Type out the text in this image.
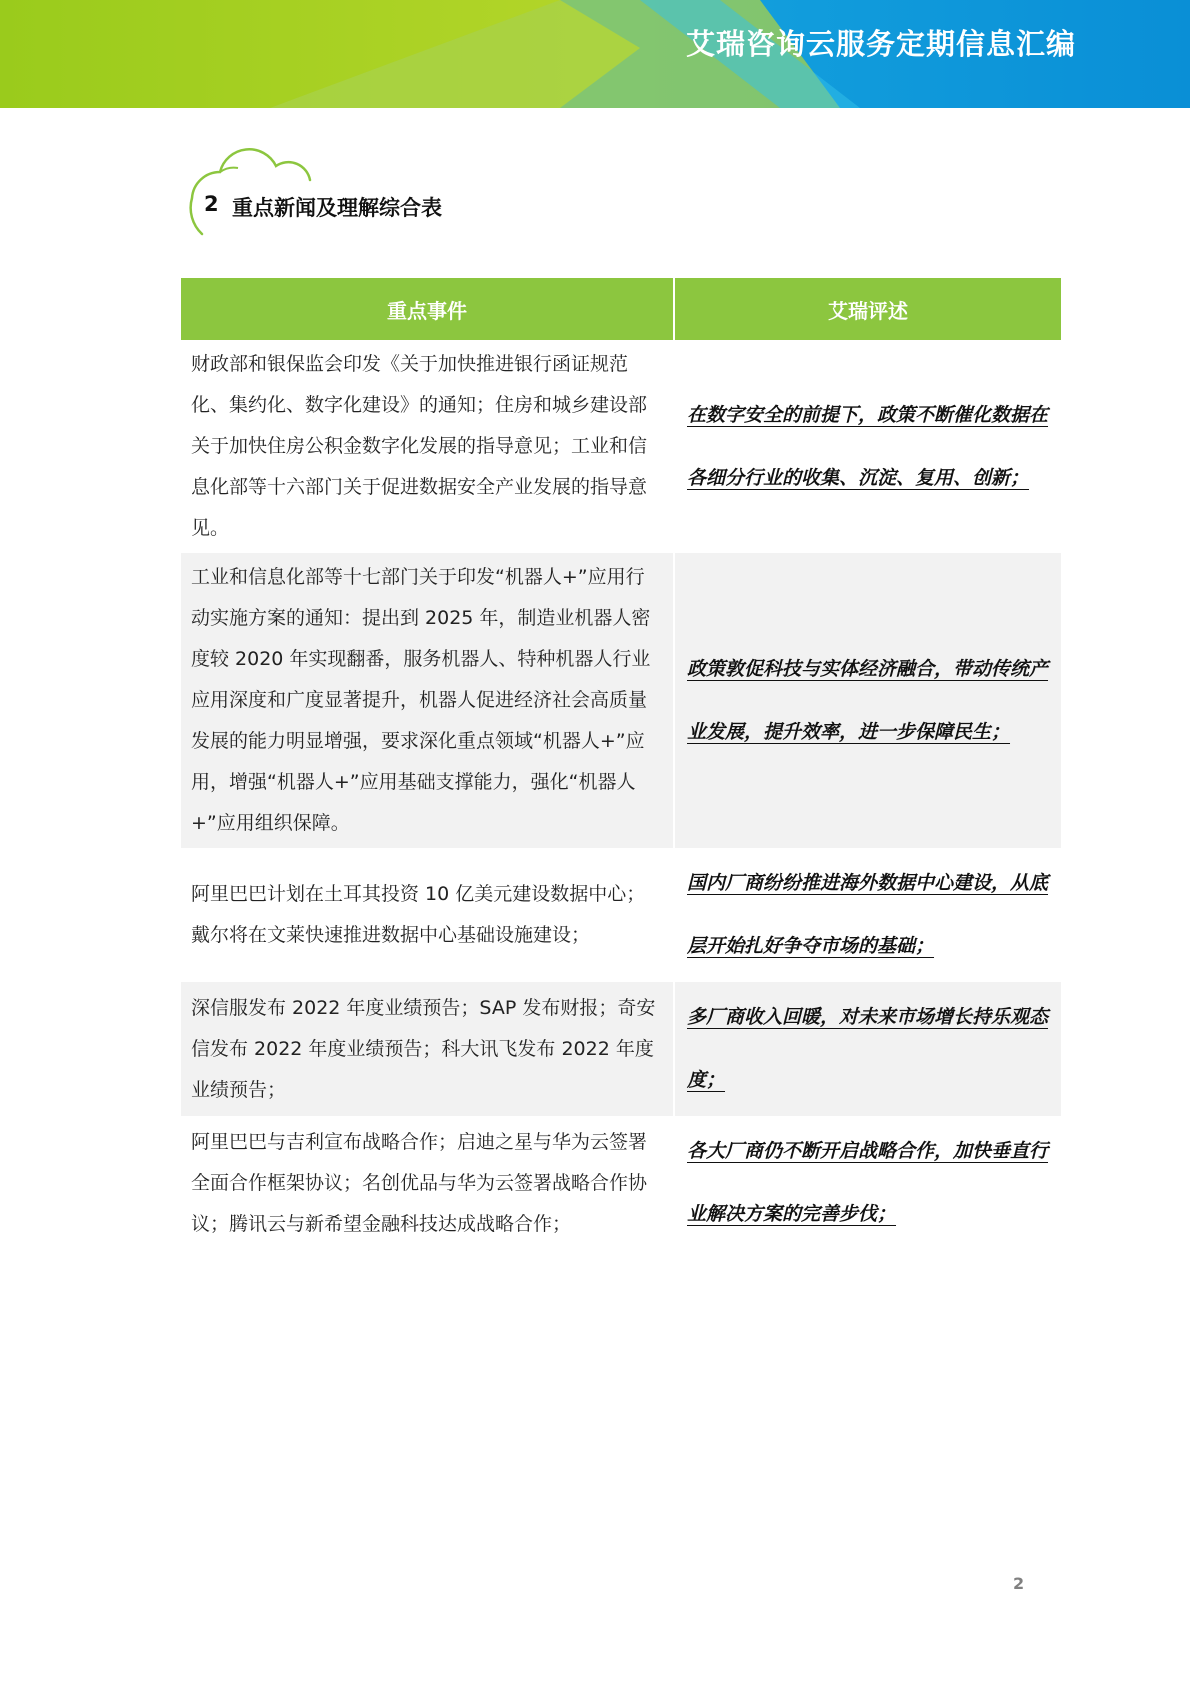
艾瑞咨询云服务定期信息汇编
2 重点新闻及理解综合表
重点事件	艾瑞评述
财政部和银保监会印发《关于加快推进银行函证规范化、集约化、数字化建设》的通知；住房和城乡建设部关于加快住房公积金数字化发展的指导意见；工业和信息化部等十六部门关于促进数据安全产业发展的指导意见。	在数字安全的前提下，政策不断催化数据在各细分行业的收集、沉淀、复用、创新；
工业和信息化部等十七部门关于印发“机器人+”应用行动实施方案的通知：提出到 2025 年，制造业机器人密度较 2020 年实现翻番，服务机器人、特种机器人行业应用深度和广度显著提升，机器人促进经济社会高质量发展的能力明显增强，要求深化重点领域“机器人+”应用，增强“机器人+”应用基础支撑能力，强化“机器人+”应用组织保障。	政策敦促科技与实体经济融合，带动传统产业发展，提升效率，进一步保障民生；
阿里巴巴计划在土耳其投资 10 亿美元建设数据中心；戴尔将在文莱快速推进数据中心基础设施建设；	国内厂商纷纷推进海外数据中心建设，从底层开始扎好争夺市场的基础；
深信服发布 2022 年度业绩预告；SAP 发布财报；奇安信发布 2022 年度业绩预告；科大讯飞发布 2022 年度业绩预告；	多厂商收入回暖，对未来市场增长持乐观态度；
阿里巴巴与吉利宣布战略合作；启迪之星与华为云签署全面合作框架协议；名创优品与华为云签署战略合作协议；腾讯云与新希望金融科技达成战略合作；	各大厂商仍不断开启战略合作，加快垂直行业解决方案的完善步伐；
2
